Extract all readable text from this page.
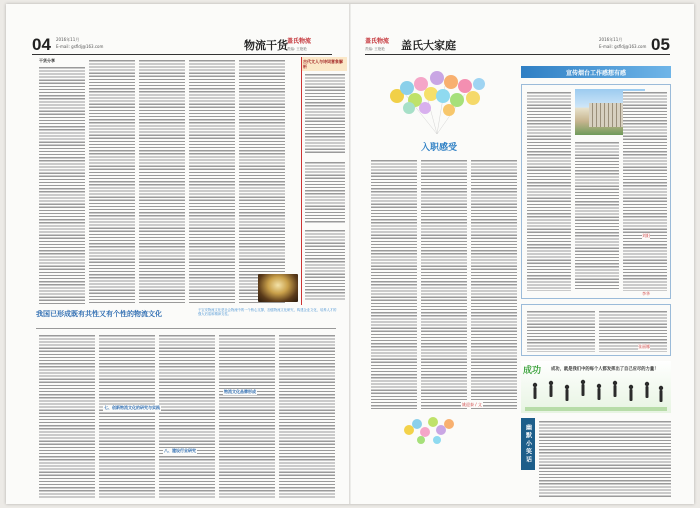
04 2016年11月
E-mail: gsfldj@163.com	物流干货 盖氏物流
责编: 王艳艳
干货分享	古代文人与诗词意象解析
我国已形成既有共性又有个性的物流文化	于宝安物流文化是社会物流中的一个核心支撑，加强物流文化研究，构建企业文化，培养人才的强大后盾和精神支柱。
七、创新物流文化的研究与实践
八、建设行业研究
物流文化品牌形成
盖氏物流
责编: 王艳艳 盖氏大家庭	2016年11月
E-mail: gsfldj@163.com 05
入职感受
姚迎泰 / 文
宣传烟台工作感想有感
刘阳
李华
张丽娜
成功 成功，就是我们中的每个人都发挥出了自己应尽的力量！
幽默小笑话
